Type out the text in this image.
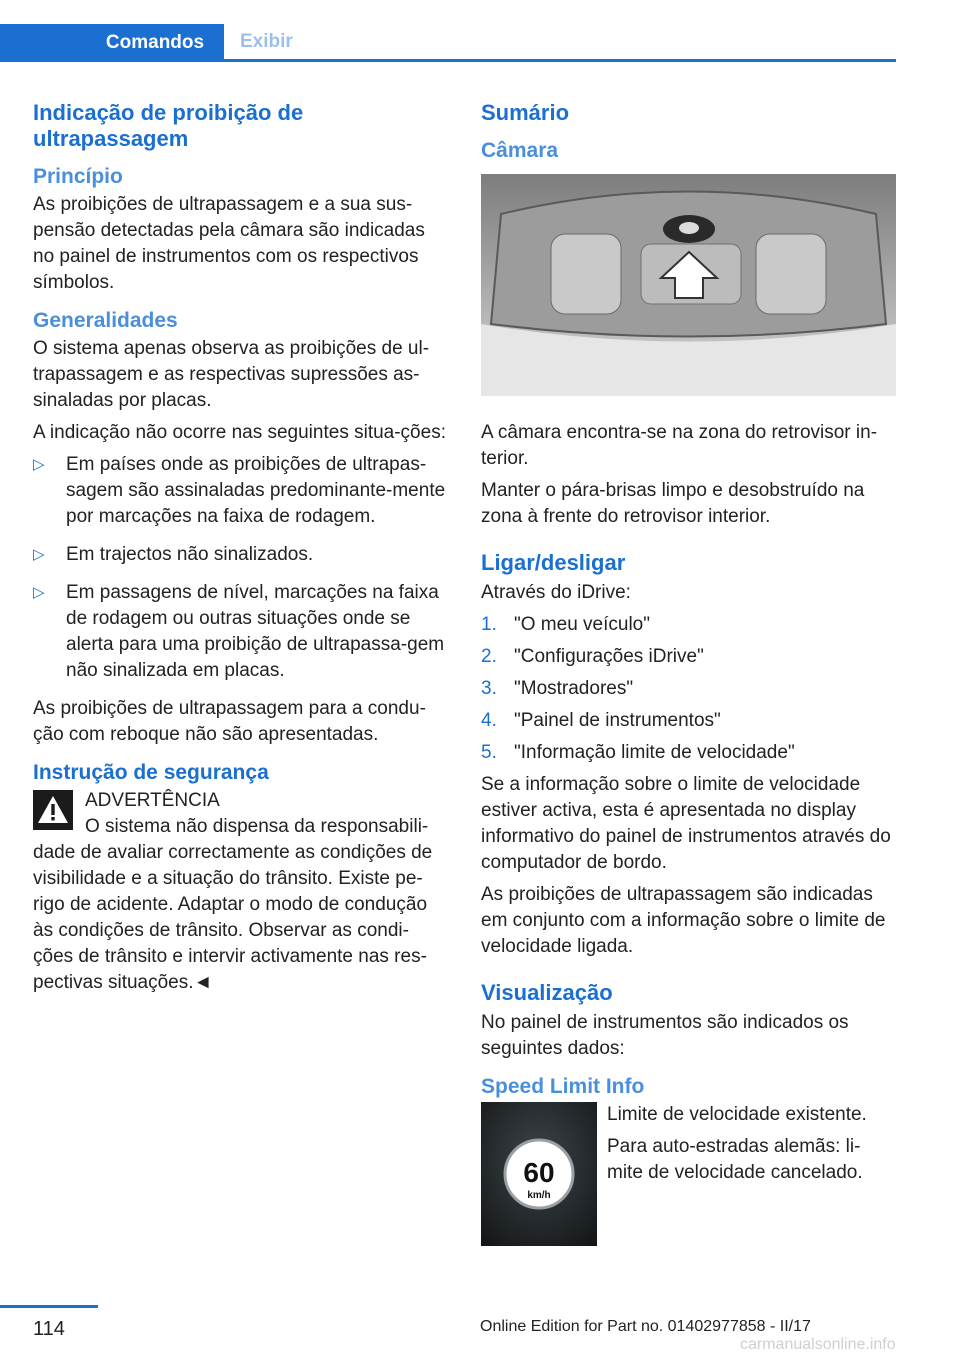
Comandos	Exibir
Indicação de proibição de ultrapassagem
Princípio

As proibições de ultrapassagem e a sua sus-pensão detectadas pela câmara são indicadas no painel de instrumentos com os respectivos símbolos.

Generalidades

O sistema apenas observa as proibições de ul-trapassagem e as respectivas supressões as-sinaladas por placas.

A indicação não ocorre nas seguintes situa-ções:

▷ Em países onde as proibições de ultrapas-sagem são assinaladas predominante-mente por marcações na faixa de rodagem.
▷ Em trajectos não sinalizados.
▷ Em passagens de nível, marcações na faixa de rodagem ou outras situações onde se alerta para uma proibição de ultrapassa-gem não sinalizada em placas.

As proibições de ultrapassagem para a condu-ção com reboque não são apresentadas.

Instrução de segurança
ADVERTÊNCIA

O sistema não dispensa da responsabili-dade de avaliar correctamente as condições de visibilidade e a situação do trânsito. Existe pe-rigo de acidente. Adaptar o modo de condução às condições de trânsito. Observar as condi-ções de trânsito e intervir activamente nas res-pectivas situações.◄

Sumário
Câmara

A câmara encontra-se na zona do retrovisor in-terior.

Manter o pára-brisas limpo e desobstruído na zona à frente do retrovisor interior.

Ligar/desligar

Através do iDrive:

1. "O meu veículo"
2. "Configurações iDrive"
3. "Mostradores"
4. "Painel de instrumentos"
5. "Informação limite de velocidade"

Se a informação sobre o limite de velocidade estiver activa, esta é apresentada no display informativo do painel de instrumentos através do computador de bordo.

As proibições de ultrapassagem são indicadas em conjunto com a informação sobre o limite de velocidade ligada.

Visualização

No painel de instrumentos são indicados os seguintes dados:

Speed Limit Info
60
km/h

Limite de velocidade existente.

Para auto-estradas alemãs: li-mite de velocidade cancelado.

114	Online Edition for Part no. 01402977858 - II/17
carmanualsonline.info
